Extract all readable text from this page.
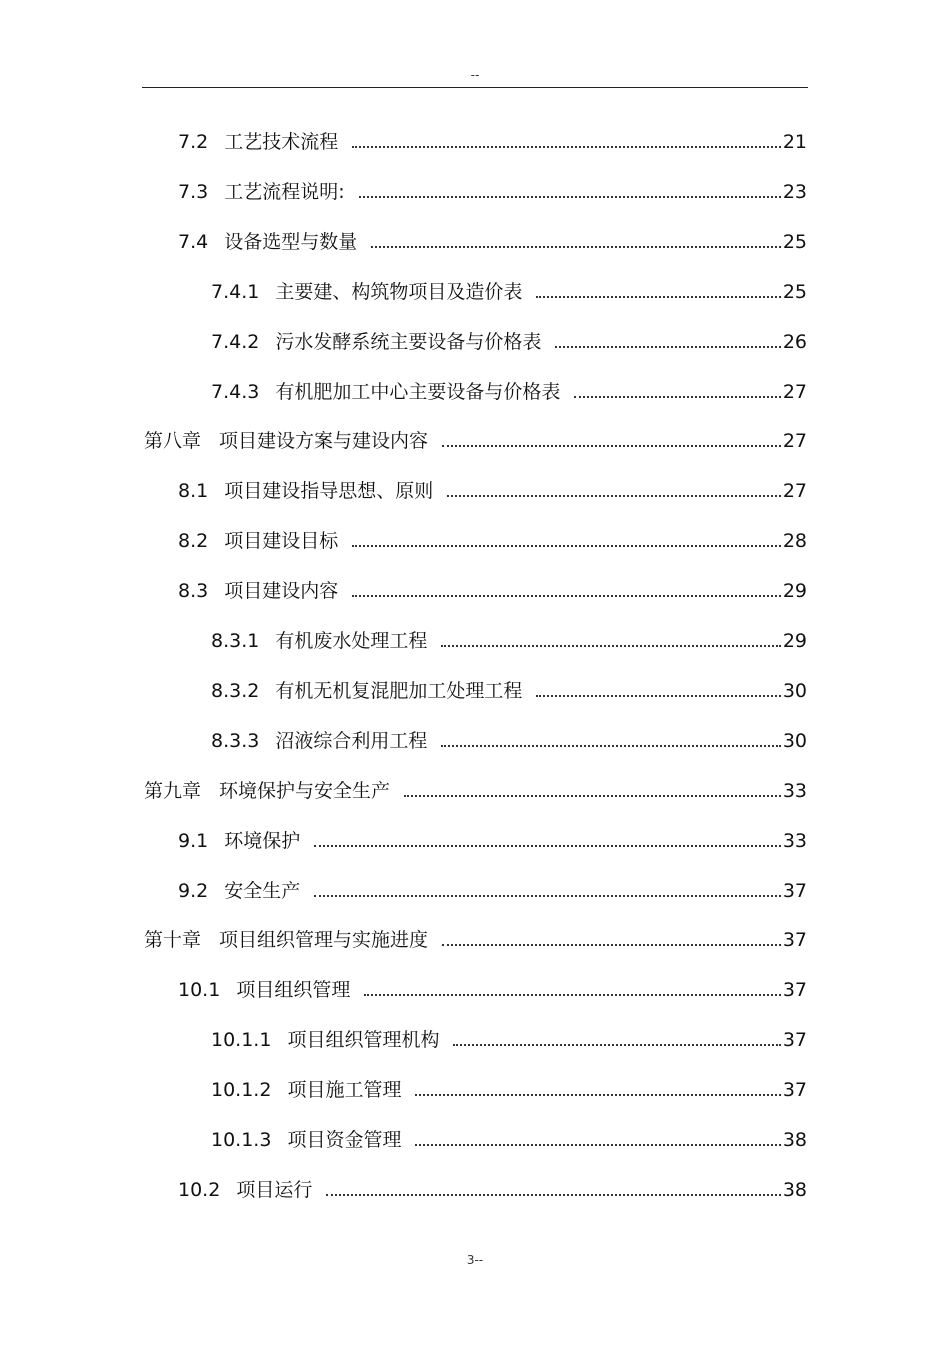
--
7.2 工艺技术流程	21
7.3 工艺流程说明:	23
7.4 设备选型与数量	25
7.4.1 主要建、构筑物项目及造价表	25
7.4.2 污水发酵系统主要设备与价格表	26
7.4.3 有机肥加工中心主要设备与价格表	27
第八章 项目建设方案与建设内容	27
8.1 项目建设指导思想、原则	27
8.2 项目建设目标	28
8.3 项目建设内容	29
8.3.1 有机废水处理工程	29
8.3.2 有机无机复混肥加工处理工程	30
8.3.3 沼液综合利用工程	30
第九章 环境保护与安全生产	33
9.1 环境保护	33
9.2 安全生产	37
第十章 项目组织管理与实施进度	37
10.1 项目组织管理	37
10.1.1 项目组织管理机构	37
10.1.2 项目施工管理	37
10.1.3 项目资金管理	38
10.2 项目运行	38
3--
